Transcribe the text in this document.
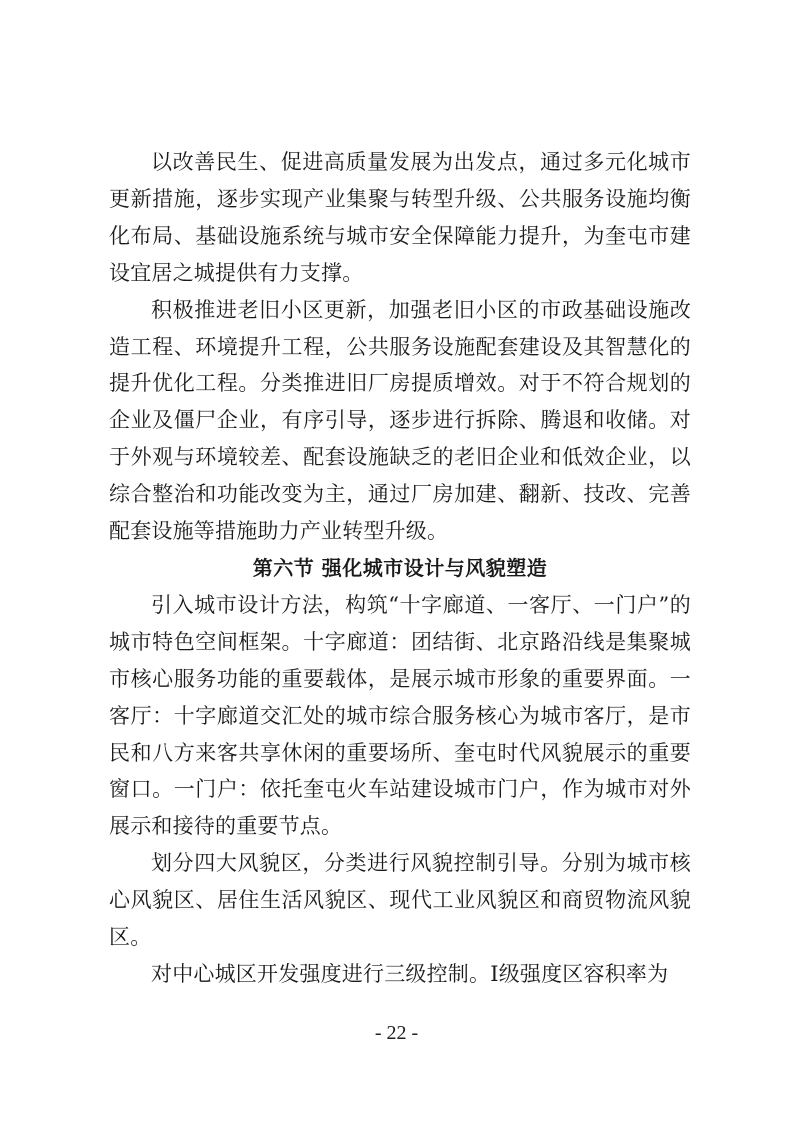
以改善民生、促进高质量发展为出发点，通过多元化城市更新措施，逐步实现产业集聚与转型升级、公共服务设施均衡化布局、基础设施系统与城市安全保障能力提升，为奎屯市建设宜居之城提供有力支撑。

积极推进老旧小区更新，加强老旧小区的市政基础设施改造工程、环境提升工程，公共服务设施配套建设及其智慧化的提升优化工程。分类推进旧厂房提质增效。对于不符合规划的企业及僵尸企业，有序引导，逐步进行拆除、腾退和收储。对于外观与环境较差、配套设施缺乏的老旧企业和低效企业，以综合整治和功能改变为主，通过厂房加建、翻新、技改、完善配套设施等措施助力产业转型升级。

第六节 强化城市设计与风貌塑造

引入城市设计方法，构筑“十字廊道、一客厅、一门户”的城市特色空间框架。十字廊道：团结街、北京路沿线是集聚城市核心服务功能的重要载体，是展示城市形象的重要界面。一客厅：十字廊道交汇处的城市综合服务核心为城市客厅，是市民和八方来客共享休闲的重要场所、奎屯时代风貌展示的重要窗口。一门户：依托奎屯火车站建设城市门户，作为城市对外展示和接待的重要节点。

划分四大风貌区，分类进行风貌控制引导。分别为城市核心风貌区、居住生活风貌区、现代工业风貌区和商贸物流风貌区。

对中心城区开发强度进行三级控制。Ⅰ级强度区容积率为

- 22 -
